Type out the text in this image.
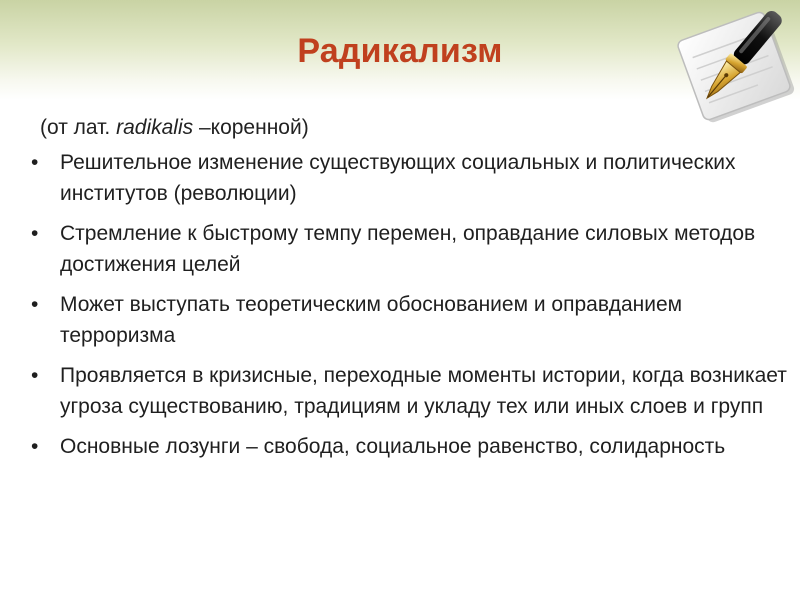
Радикализм
(от лат. radikalis –коренной)
• Решительное изменение существующих социальных и политических институтов (революции)
• Стремление к быстрому темпу перемен, оправдание силовых методов достижения целей
• Может выступать теоретическим обоснованием и оправданием терроризма
• Проявляется в кризисные, переходные моменты истории, когда возникает угроза существованию, традициям и укладу тех или иных слоев и групп
• Основные лозунги – свобода, социальное равенство, солидарность
